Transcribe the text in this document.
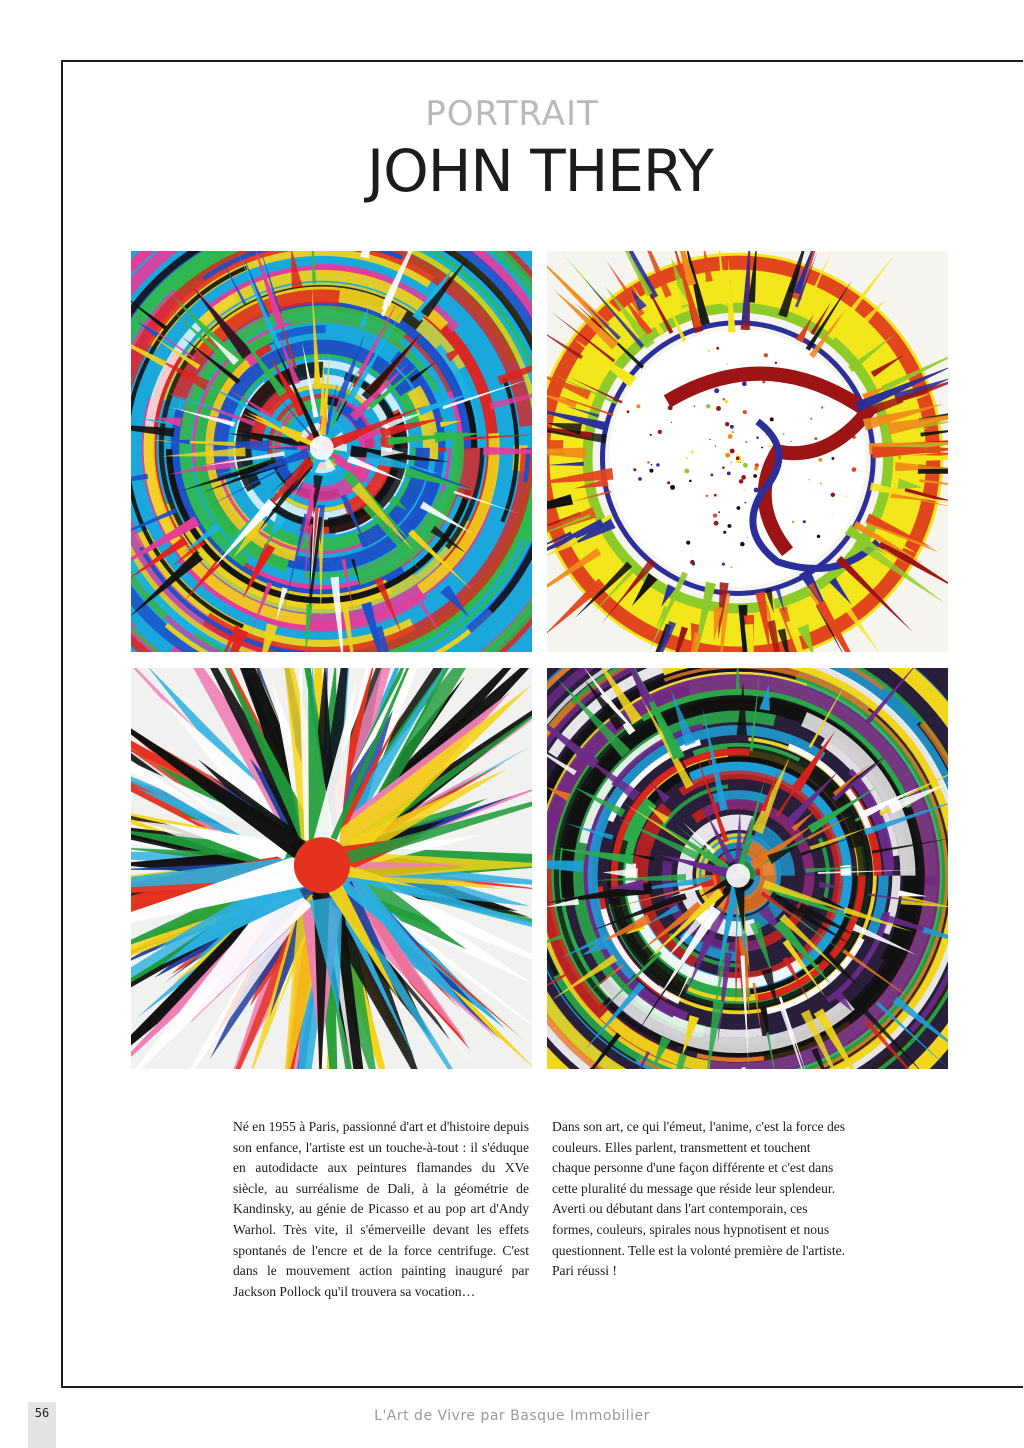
PORTRAIT
JOHN THERY

Né en 1955 à Paris, passionné d'art et d'histoire depuis son enfance, l'artiste est un touche-à-tout : il s'éduque en autodidacte aux peintures flamandes du XVe siècle, au surréalisme de Dali, à la géométrie de Kandinsky, au génie de Picasso et au pop art d'Andy Warhol. Très vite, il s'émerveille devant les effets spontanés de l'encre et de la force centrifuge. C'est dans le mouvement action painting inauguré par Jackson Pollock qu'il trouvera sa vocation…

Dans son art, ce qui l'émeut, l'anime, c'est la force des couleurs. Elles parlent, transmettent et touchent chaque personne d'une façon différente et c'est dans cette pluralité du message que réside leur splendeur.

Averti ou débutant dans l'art contemporain, ces formes, couleurs, spirales nous hypnotisent et nous questionnent. Telle est la volonté première de l'artiste. Pari réussi !

56	L'Art de Vivre par Basque Immobilier
